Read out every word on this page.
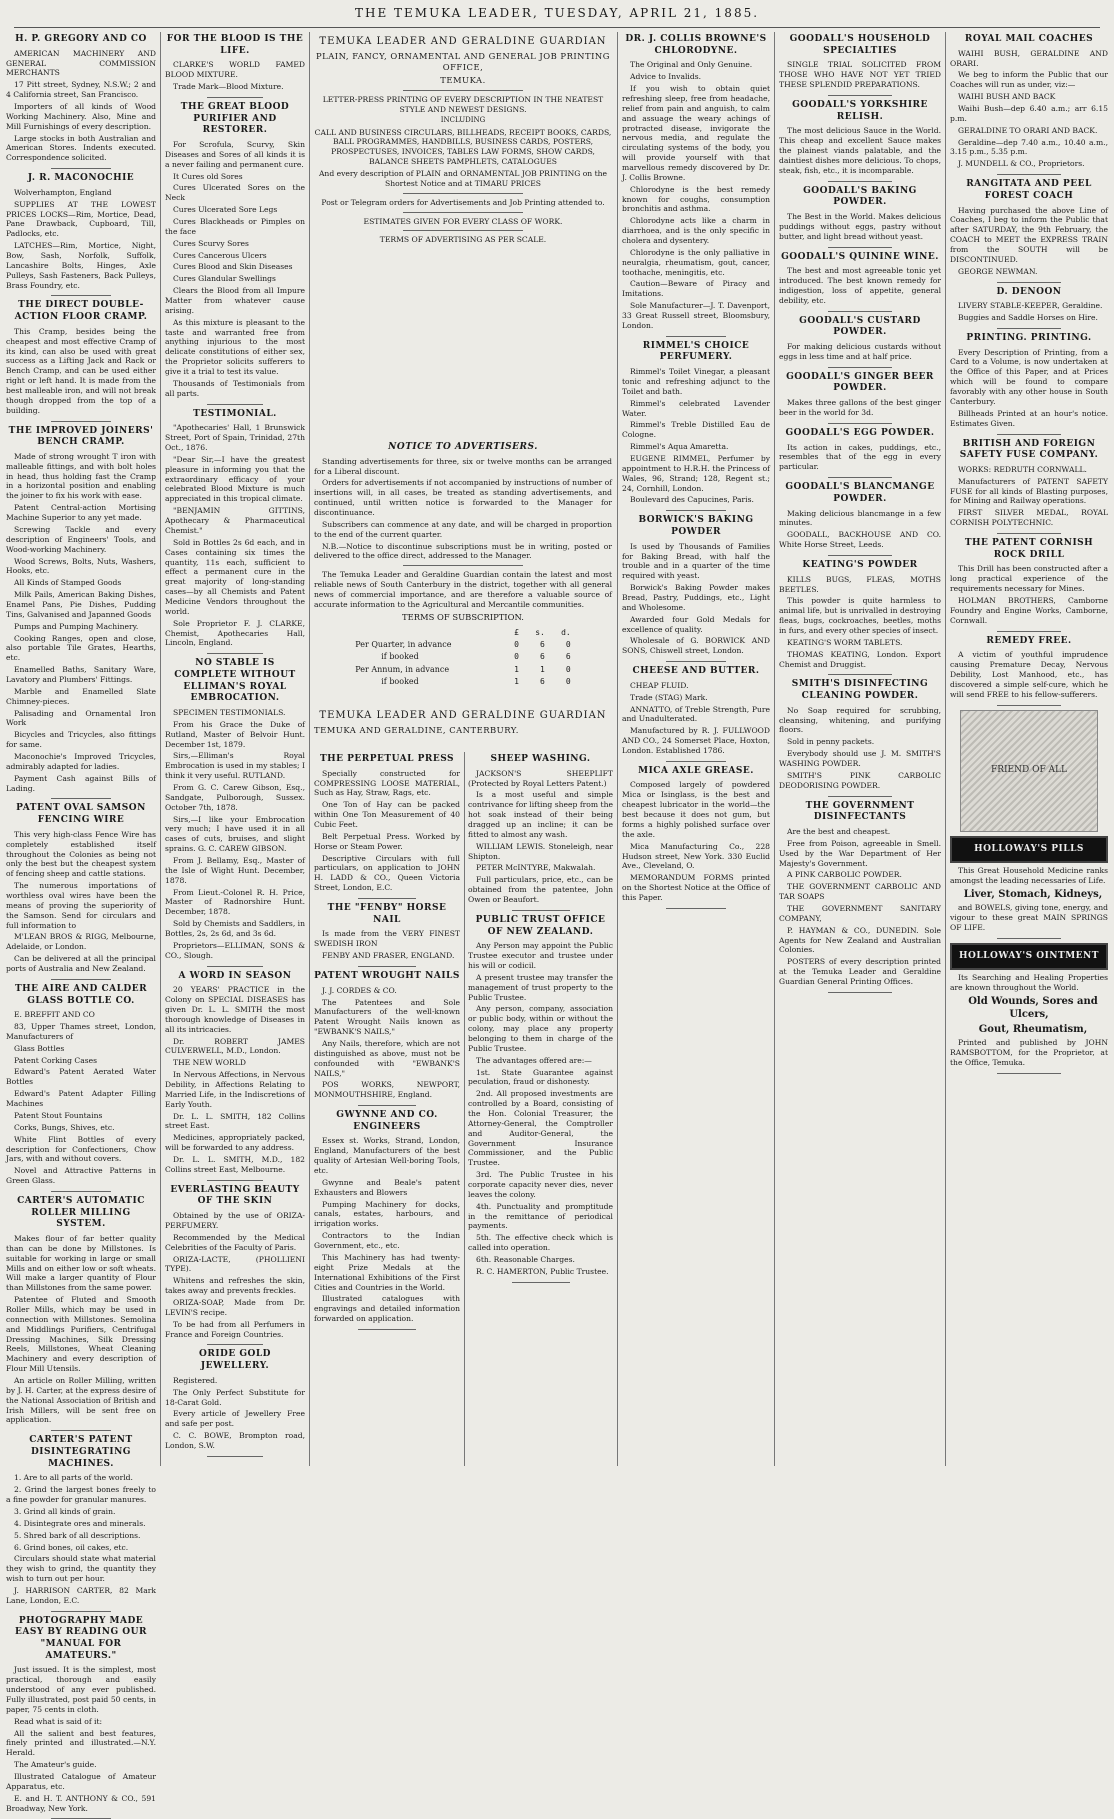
THE TEMUKA LEADER, TUESDAY, APRIL 21, 1885.
H. P. GREGORY AND CO

AMERICAN MACHINERY AND GENERAL COMMISSION MERCHANTS

17 Pitt street, Sydney, N.S.W.; 2 and 4 California street, San Francisco.

Importers of all kinds of Wood Working Machinery. Also, Mine and Mill Furnishings of every description.

Large stocks in both Australian and American Stores. Indents executed. Correspondence solicited.

J. R. MACONOCHIE

Wolverhampton, England

SUPPLIES AT THE LOWEST PRICES LOCKS—Rim, Mortice, Dead, Pane Drawback, Cupboard, Till, Padlocks, etc.

LATCHES—Rim, Mortice, Night, Bow, Sash, Norfolk, Suffolk, Lancashire Bolts, Hinges, Axle Pulleys, Sash Fasteners, Back Pulleys, Brass Foundry, etc.

THE DIRECT DOUBLE-ACTION FLOOR CRAMP.

This Cramp, besides being the cheapest and most effective Cramp of its kind, can also be used with great success as a Lifting Jack and Rack or Bench Cramp, and can be used either right or left hand. It is made from the best malleable iron, and will not break though dropped from the top of a building.

THE IMPROVED JOINERS' BENCH CRAMP.

Made of strong wrought T iron with malleable fittings, and with bolt holes in head, thus holding fast the Cramp in a horizontal position and enabling the joiner to fix his work with ease.

Patent Central-action Mortising Machine Superior to any yet made.

Screwing Tackle and every description of Engineers' Tools, and Wood-working Machinery.

Wood Screws, Bolts, Nuts, Washers, Hooks, etc.

All Kinds of Stamped Goods

Milk Pails, American Baking Dishes, Enamel Pans, Pie Dishes, Pudding Tins, Galvanised and Japanned Goods

Pumps and Pumping Machinery.

Cooking Ranges, open and close, also portable Tile Grates, Hearths, etc.

Enamelled Baths, Sanitary Ware, Lavatory and Plumbers' Fittings.

Marble and Enamelled Slate Chimney-pieces.

Palisading and Ornamental Iron Work

Bicycles and Tricycles, also fittings for same.

Maconochie's Improved Tricycles, admirably adapted for ladies.

Payment Cash against Bills of Lading.

PATENT OVAL SAMSON FENCING WIRE

This very high-class Fence Wire has completely established itself throughout the Colonies as being not only the best but the cheapest system of fencing sheep and cattle stations.

The numerous importations of worthless oval wires have been the means of proving the superiority of the Samson. Send for circulars and full information to

M'LEAN BROS & RIGG, Melbourne, Adelaide, or London.

Can be delivered at all the principal ports of Australia and New Zealand.

THE AIRE AND CALDER GLASS BOTTLE CO.

E. BREFFIT AND CO

83, Upper Thames street, London, Manufacturers of

Glass Bottles

Patent Corking Cases

Edward's Patent Aerated Water Bottles

Edward's Patent Adapter Filling Machines

Patent Stout Fountains

Corks, Bungs, Shives, etc.

White Flint Bottles of every description for Confectioners, Chow Jars, with and without covers.

Novel and Attractive Patterns in Green Glass.

CARTER'S AUTOMATIC ROLLER MILLING SYSTEM.

Makes flour of far better quality than can be done by Millstones. Is suitable for working in large or small Mills and on either low or soft wheats. Will make a larger quantity of Flour than Millstones from the same power.

Patentee of Fluted and Smooth Roller Mills, which may be used in connection with Millstones. Semolina and Middlings Purifiers, Centrifugal Dressing Machines, Silk Dressing Reels, Millstones, Wheat Cleaning Machinery and every description of Flour Mill Utensils.

An article on Roller Milling, written by J. H. Carter, at the express desire of the National Association of British and Irish Millers, will be sent free on application.

CARTER'S PATENT DISINTEGRATING MACHINES.

1. Are to all parts of the world.

2. Grind the largest bones freely to a fine powder for granular manures.

3. Grind all kinds of grain.

4. Disintegrate ores and minerals.

5. Shred bark of all descriptions.

6. Grind bones, oil cakes, etc.

Circulars should state what material they wish to grind, the quantity they wish to turn out per hour.

J. HARRISON CARTER, 82 Mark Lane, London, E.C.

PHOTOGRAPHY MADE EASY BY READING OUR "MANUAL FOR AMATEURS."

Just issued. It is the simplest, most practical, thorough and easily understood of any ever published. Fully illustrated, post paid 50 cents, in paper, 75 cents in cloth.

Read what is said of it:

All the salient and best features, finely printed and illustrated.—N.Y. Herald.

The Amateur's guide.

Illustrated Catalogue of Amateur Apparatus, etc.

E. and H. T. ANTHONY & CO., 591 Broadway, New York.

FOR THE BLOOD IS THE LIFE.

CLARKE'S WORLD FAMED BLOOD MIXTURE.

Trade Mark—Blood Mixture.

THE GREAT BLOOD PURIFIER AND RESTORER.

For Scrofula, Scurvy, Skin Diseases and Sores of all kinds it is a never failing and permanent cure.

It Cures old Sores

Cures Ulcerated Sores on the Neck

Cures Ulcerated Sore Legs

Cures Blackheads or Pimples on the face

Cures Scurvy Sores

Cures Cancerous Ulcers

Cures Blood and Skin Diseases

Cures Glandular Swellings

Clears the Blood from all Impure Matter from whatever cause arising.

As this mixture is pleasant to the taste and warranted free from anything injurious to the most delicate constitutions of either sex, the Proprietor solicits sufferers to give it a trial to test its value.

Thousands of Testimonials from all parts.

TESTIMONIAL.

"Apothecaries' Hall, 1 Brunswick Street, Port of Spain, Trinidad, 27th Oct., 1876.

"Dear Sir,—I have the greatest pleasure in informing you that the extraordinary efficacy of your celebrated Blood Mixture is much appreciated in this tropical climate.

"BENJAMIN GITTINS, Apothecary & Pharmaceutical Chemist."

Sold in Bottles 2s 6d each, and in Cases containing six times the quantity, 11s each, sufficient to effect a permanent cure in the great majority of long-standing cases—by all Chemists and Patent Medicine Vendors throughout the world.

Sole Proprietor F. J. CLARKE, Chemist, Apothecaries Hall, Lincoln, England.

NO STABLE IS COMPLETE WITHOUT ELLIMAN'S ROYAL EMBROCATION.

SPECIMEN TESTIMONIALS.

From his Grace the Duke of Rutland, Master of Belvoir Hunt. December 1st, 1879.

Sirs,—Elliman's Royal Embrocation is used in my stables; I think it very useful. RUTLAND.

From G. C. Carew Gibson, Esq., Sandgate, Pulborough, Sussex. October 7th, 1878.

Sirs,—I like your Embrocation very much; I have used it in all cases of cuts, bruises, and slight sprains. G. C. CAREW GIBSON.

From J. Bellamy, Esq., Master of the Isle of Wight Hunt. December, 1878.

From Lieut.-Colonel R. H. Price, Master of Radnorshire Hunt. December, 1878.

Sold by Chemists and Saddlers, in Bottles, 2s, 2s 6d, and 3s 6d.

Proprietors—ELLIMAN, SONS & CO., Slough.

A WORD IN SEASON

20 YEARS' PRACTICE in the Colony on SPECIAL DISEASES has given Dr. L. L. SMITH the most thorough knowledge of Diseases in all its intricacies.

Dr. ROBERT JAMES CULVERWELL, M.D., London.

THE NEW WORLD

In Nervous Affections, in Nervous Debility, in Affections Relating to Married Life, in the Indiscretions of Early Youth.

Dr. L. L. SMITH, 182 Collins street East.

Medicines, appropriately packed, will be forwarded to any address.

Dr. L. L. SMITH, M.D., 182 Collins street East, Melbourne.

EVERLASTING BEAUTY OF THE SKIN

Obtained by the use of ORIZA-PERFUMERY.

Recommended by the Medical Celebrities of the Faculty of Paris.

ORIZA-LACTE, (PHOLLIENI TYPE).

Whitens and refreshes the skin, takes away and prevents freckles.

ORIZA-SOAP, Made from Dr. LEVIN'S recipe.

To be had from all Perfumers in France and Foreign Countries.

ORIDE GOLD JEWELLERY.

Registered.

The Only Perfect Substitute for 18-Carat Gold.

Every article of Jewellery Free and safe per post.

C. C. BOWE, Brompton road, London, S.W.

TEMUKA LEADER AND GERALDINE GUARDIAN

PLAIN, FANCY, ORNAMENTAL AND GENERAL JOB PRINTING OFFICE,

TEMUKA.

LETTER-PRESS PRINTING OF EVERY DESCRIPTION IN THE NEATEST STYLE AND NEWEST DESIGNS.

INCLUDING

CALL AND BUSINESS CIRCULARS, BILLHEADS, RECEIPT BOOKS, CARDS, BALL PROGRAMMES, HANDBILLS, BUSINESS CARDS, POSTERS, PROSPECTUSES, INVOICES, TABLES LAW FORMS, SHOW CARDS, BALANCE SHEETS PAMPHLETS, CATALOGUES

And every description of PLAIN and ORNAMENTAL JOB PRINTING on the Shortest Notice and at TIMARU PRICES

Post or Telegram orders for Advertisements and Job Printing attended to.

ESTIMATES GIVEN FOR EVERY CLASS OF WORK.

TERMS OF ADVERTISING AS PER SCALE.

NOTICE TO ADVERTISERS.

Standing advertisements for three, six or twelve months can be arranged for a Liberal discount.

Orders for advertisements if not accompanied by instructions of number of insertions will, in all cases, be treated as standing advertisements, and continued, until written notice is forwarded to the Manager for discontinuance.

Subscribers can commence at any date, and will be charged in proportion to the end of the current quarter.

N.B.—Notice to discontinue subscriptions must be in writing, posted or delivered to the office direct, addressed to the Manager.

The Temuka Leader and Geraldine Guardian contain the latest and most reliable news of South Canterbury in the district, together with all general news of commercial importance, and are therefore a valuable source of accurate information to the Agricultural and Mercantile communities.

TERMS OF SUBSCRIPTION.
	£	s.	d.
Per Quarter, in advance	0	6	0
if booked	0	6	6
Per Annum, in advance	1	1	0
if booked	1	6	0
TEMUKA LEADER AND GERALDINE GUARDIAN

TEMUKA AND GERALDINE, CANTERBURY.

THE PERPETUAL PRESS

Specially constructed for COMPRESSING LOOSE MATERIAL, Such as Hay, Straw, Rags, etc.

One Ton of Hay can be packed within One Ton Measurement of 40 Cubic Feet.

Belt Perpetual Press. Worked by Horse or Steam Power.

Descriptive Circulars with full particulars, on application to JOHN H. LADD & CO., Queen Victoria Street, London, E.C.

THE "FENBY" HORSE NAIL

Is made from the VERY FINEST SWEDISH IRON

FENBY AND FRASER, ENGLAND.

PATENT WROUGHT NAILS

J. J. CORDES & CO.

The Patentees and Sole Manufacturers of the well-known Patent Wrought Nails known as "EWBANK'S NAILS,"

Any Nails, therefore, which are not distinguished as above, must not be confounded with "EWBANK'S NAILS,"

POS WORKS, NEWPORT, MONMOUTHSHIRE, England.

GWYNNE AND CO. ENGINEERS

Essex st. Works, Strand, London, England, Manufacturers of the best quality of Artesian Well-boring Tools, etc.

Gwynne and Beale's patent Exhausters and Blowers

Pumping Machinery for docks, canals, estates, harbours, and irrigation works.

Contractors to the Indian Government, etc., etc.

This Machinery has had twenty-eight Prize Medals at the International Exhibitions of the First Cities and Countries in the World.

Illustrated catalogues with engravings and detailed information forwarded on application.

SHEEP WASHING.

JACKSON'S SHEEPLIFT (Protected by Royal Letters Patent.)

Is a most useful and simple contrivance for lifting sheep from the hot soak instead of their being dragged up an incline; it can be fitted to almost any wash.

WILLIAM LEWIS. Stoneleigh, near Shipton.

PETER McINTYRE, Makwalah.

Full particulars, price, etc., can be obtained from the patentee, John Owen or Beaufort.

PUBLIC TRUST OFFICE OF NEW ZEALAND.

Any Person may appoint the Public Trustee executor and trustee under his will or codicil.

A present trustee may transfer the management of trust property to the Public Trustee.

Any person, company, association or public body, within or without the colony, may place any property belonging to them in charge of the Public Trustee.

The advantages offered are:—

1st. State Guarantee against peculation, fraud or dishonesty.

2nd. All proposed investments are controlled by a Board, consisting of the Hon. Colonial Treasurer, the Attorney-General, the Comptroller and Auditor-General, the Government Insurance Commissioner, and the Public Trustee.

3rd. The Public Trustee in his corporate capacity never dies, never leaves the colony.

4th. Punctuality and promptitude in the remittance of periodical payments.

5th. The effective check which is called into operation.

6th. Reasonable Charges.

R. C. HAMERTON, Public Trustee.

DR. J. COLLIS BROWNE'S CHLORODYNE.

The Original and Only Genuine.

Advice to Invalids.

If you wish to obtain quiet refreshing sleep, free from headache, relief from pain and anguish, to calm and assuage the weary achings of protracted disease, invigorate the nervous media, and regulate the circulating systems of the body, you will provide yourself with that marvellous remedy discovered by Dr. J. Collis Browne.

Chlorodyne is the best remedy known for coughs, consumption bronchitis and asthma.

Chlorodyne acts like a charm in diarrhoea, and is the only specific in cholera and dysentery.

Chlorodyne is the only palliative in neuralgia, rheumatism, gout, cancer, toothache, meningitis, etc.

Caution—Beware of Piracy and Imitations.

Sole Manufacturer—J. T. Davenport, 33 Great Russell street, Bloomsbury, London.

RIMMEL'S CHOICE PERFUMERY.

Rimmel's Toilet Vinegar, a pleasant tonic and refreshing adjunct to the Toilet and bath.

Rimmel's celebrated Lavender Water.

Rimmel's Treble Distilled Eau de Cologne.

Rimmel's Aqua Amaretta.

EUGENE RIMMEL, Perfumer by appointment to H.R.H. the Princess of Wales, 96, Strand; 128, Regent st.; 24, Cornhill, London.

Boulevard des Capucines, Paris.

BORWICK'S BAKING POWDER

Is used by Thousands of Families for Baking Bread, with half the trouble and in a quarter of the time required with yeast.

Borwick's Baking Powder makes Bread, Pastry, Puddings, etc., Light and Wholesome.

Awarded four Gold Medals for excellence of quality.

Wholesale of G. BORWICK AND SONS, Chiswell street, London.

CHEESE AND BUTTER.

CHEAP FLUID.

Trade (STAG) Mark.

ANNATTO, of Treble Strength, Pure and Unadulterated.

Manufactured by R. J. FULLWOOD AND CO., 24 Somerset Place, Hoxton, London. Established 1786.

MICA AXLE GREASE.

Composed largely of powdered Mica or Isinglass, is the best and cheapest lubricator in the world—the best because it does not gum, but forms a highly polished surface over the axle.

Mica Manufacturing Co., 228 Hudson street, New York. 330 Euclid Ave., Cleveland, O.

MEMORANDUM FORMS printed on the Shortest Notice at the Office of this Paper.

GOODALL'S HOUSEHOLD SPECIALTIES

SINGLE TRIAL SOLICITED FROM THOSE WHO HAVE NOT YET TRIED THESE SPLENDID PREPARATIONS.

GOODALL'S YORKSHIRE RELISH.

The most delicious Sauce in the World. This cheap and excellent Sauce makes the plainest viands palatable, and the daintiest dishes more delicious. To chops, steak, fish, etc., it is incomparable.

GOODALL'S BAKING POWDER.

The Best in the World. Makes delicious puddings without eggs, pastry without butter, and light bread without yeast.

GOODALL'S QUININE WINE.

The best and most agreeable tonic yet introduced. The best known remedy for indigestion, loss of appetite, general debility, etc.

GOODALL'S CUSTARD POWDER.

For making delicious custards without eggs in less time and at half price.

GOODALL'S GINGER BEER POWDER.

Makes three gallons of the best ginger beer in the world for 3d.

GOODALL'S EGG POWDER.

Its action in cakes, puddings, etc., resembles that of the egg in every particular.

GOODALL'S BLANCMANGE POWDER.

Making delicious blancmange in a few minutes.

GOODALL, BACKHOUSE AND CO. White Horse Street, Leeds.

KEATING'S POWDER

KILLS BUGS, FLEAS, MOTHS BEETLES.

This powder is quite harmless to animal life, but is unrivalled in destroying fleas, bugs, cockroaches, beetles, moths in furs, and every other species of insect.

KEATING'S WORM TABLETS.

THOMAS KEATING, London. Export Chemist and Druggist.

SMITH'S DISINFECTING CLEANING POWDER.

No Soap required for scrubbing, cleansing, whitening, and purifying floors.

Sold in penny packets.

Everybody should use J. M. SMITH'S WASHING POWDER.

SMITH'S PINK CARBOLIC DEODORISING POWDER.

THE GOVERNMENT DISINFECTANTS

Are the best and cheapest.

Free from Poison, agreeable in Smell. Used by the War Department of Her Majesty's Government.

A PINK CARBOLIC POWDER.

THE GOVERNMENT CARBOLIC AND TAR SOAPS

THE GOVERNMENT SANITARY COMPANY,

P. HAYMAN & CO., DUNEDIN. Sole Agents for New Zealand and Australian Colonies.

POSTERS of every description printed at the Temuka Leader and Geraldine Guardian General Printing Offices.

ROYAL MAIL COACHES

WAIHI BUSH, GERALDINE AND ORARI.

We beg to inform the Public that our Coaches will run as under, viz:—

WAIHI BUSH AND BACK

Waihi Bush—dep 6.40 a.m.; arr 6.15 p.m.

GERALDINE TO ORARI AND BACK.

Geraldine—dep 7.40 a.m., 10.40 a.m., 3.15 p.m., 5.35 p.m.

J. MUNDELL & CO., Proprietors.

RANGITATA AND PEEL FOREST COACH

Having purchased the above Line of Coaches, I beg to inform the Public that after SATURDAY, the 9th February, the COACH to MEET the EXPRESS TRAIN from the SOUTH will be DISCONTINUED.

GEORGE NEWMAN.

D. DENOON

LIVERY STABLE-KEEPER, Geraldine.

Buggies and Saddle Horses on Hire.

PRINTING. PRINTING.

Every Description of Printing, from a Card to a Volume, is now undertaken at the Office of this Paper, and at Prices which will be found to compare favorably with any other house in South Canterbury.

Billheads Printed at an hour's notice. Estimates Given.

BRITISH AND FOREIGN SAFETY FUSE COMPANY.

WORKS: REDRUTH CORNWALL.

Manufacturers of PATENT SAFETY FUSE for all kinds of Blasting purposes, for Mining and Railway operations.

FIRST SILVER MEDAL, ROYAL CORNISH POLYTECHNIC.

THE PATENT CORNISH ROCK DRILL

This Drill has been constructed after a long practical experience of the requirements necessary for Mines.

HOLMAN BROTHERS, Camborne Foundry and Engine Works, Camborne, Cornwall.

REMEDY FREE.

A victim of youthful imprudence causing Premature Decay, Nervous Debility, Lost Manhood, etc., has discovered a simple self-cure, which he will send FREE to his fellow-sufferers.

FRIEND OF ALL
HOLLOWAY'S PILLS

This Great Household Medicine ranks amongst the leading necessaries of Life.

Liver, Stomach, Kidneys,

and BOWELS, giving tone, energy, and vigour to these great MAIN SPRINGS OF LIFE.

HOLLOWAY'S OINTMENT

Its Searching and Healing Properties are known throughout the World.

Old Wounds, Sores and Ulcers,

Gout, Rheumatism,

Printed and published by JOHN RAMSBOTTOM, for the Proprietor, at the Office, Temuka.
